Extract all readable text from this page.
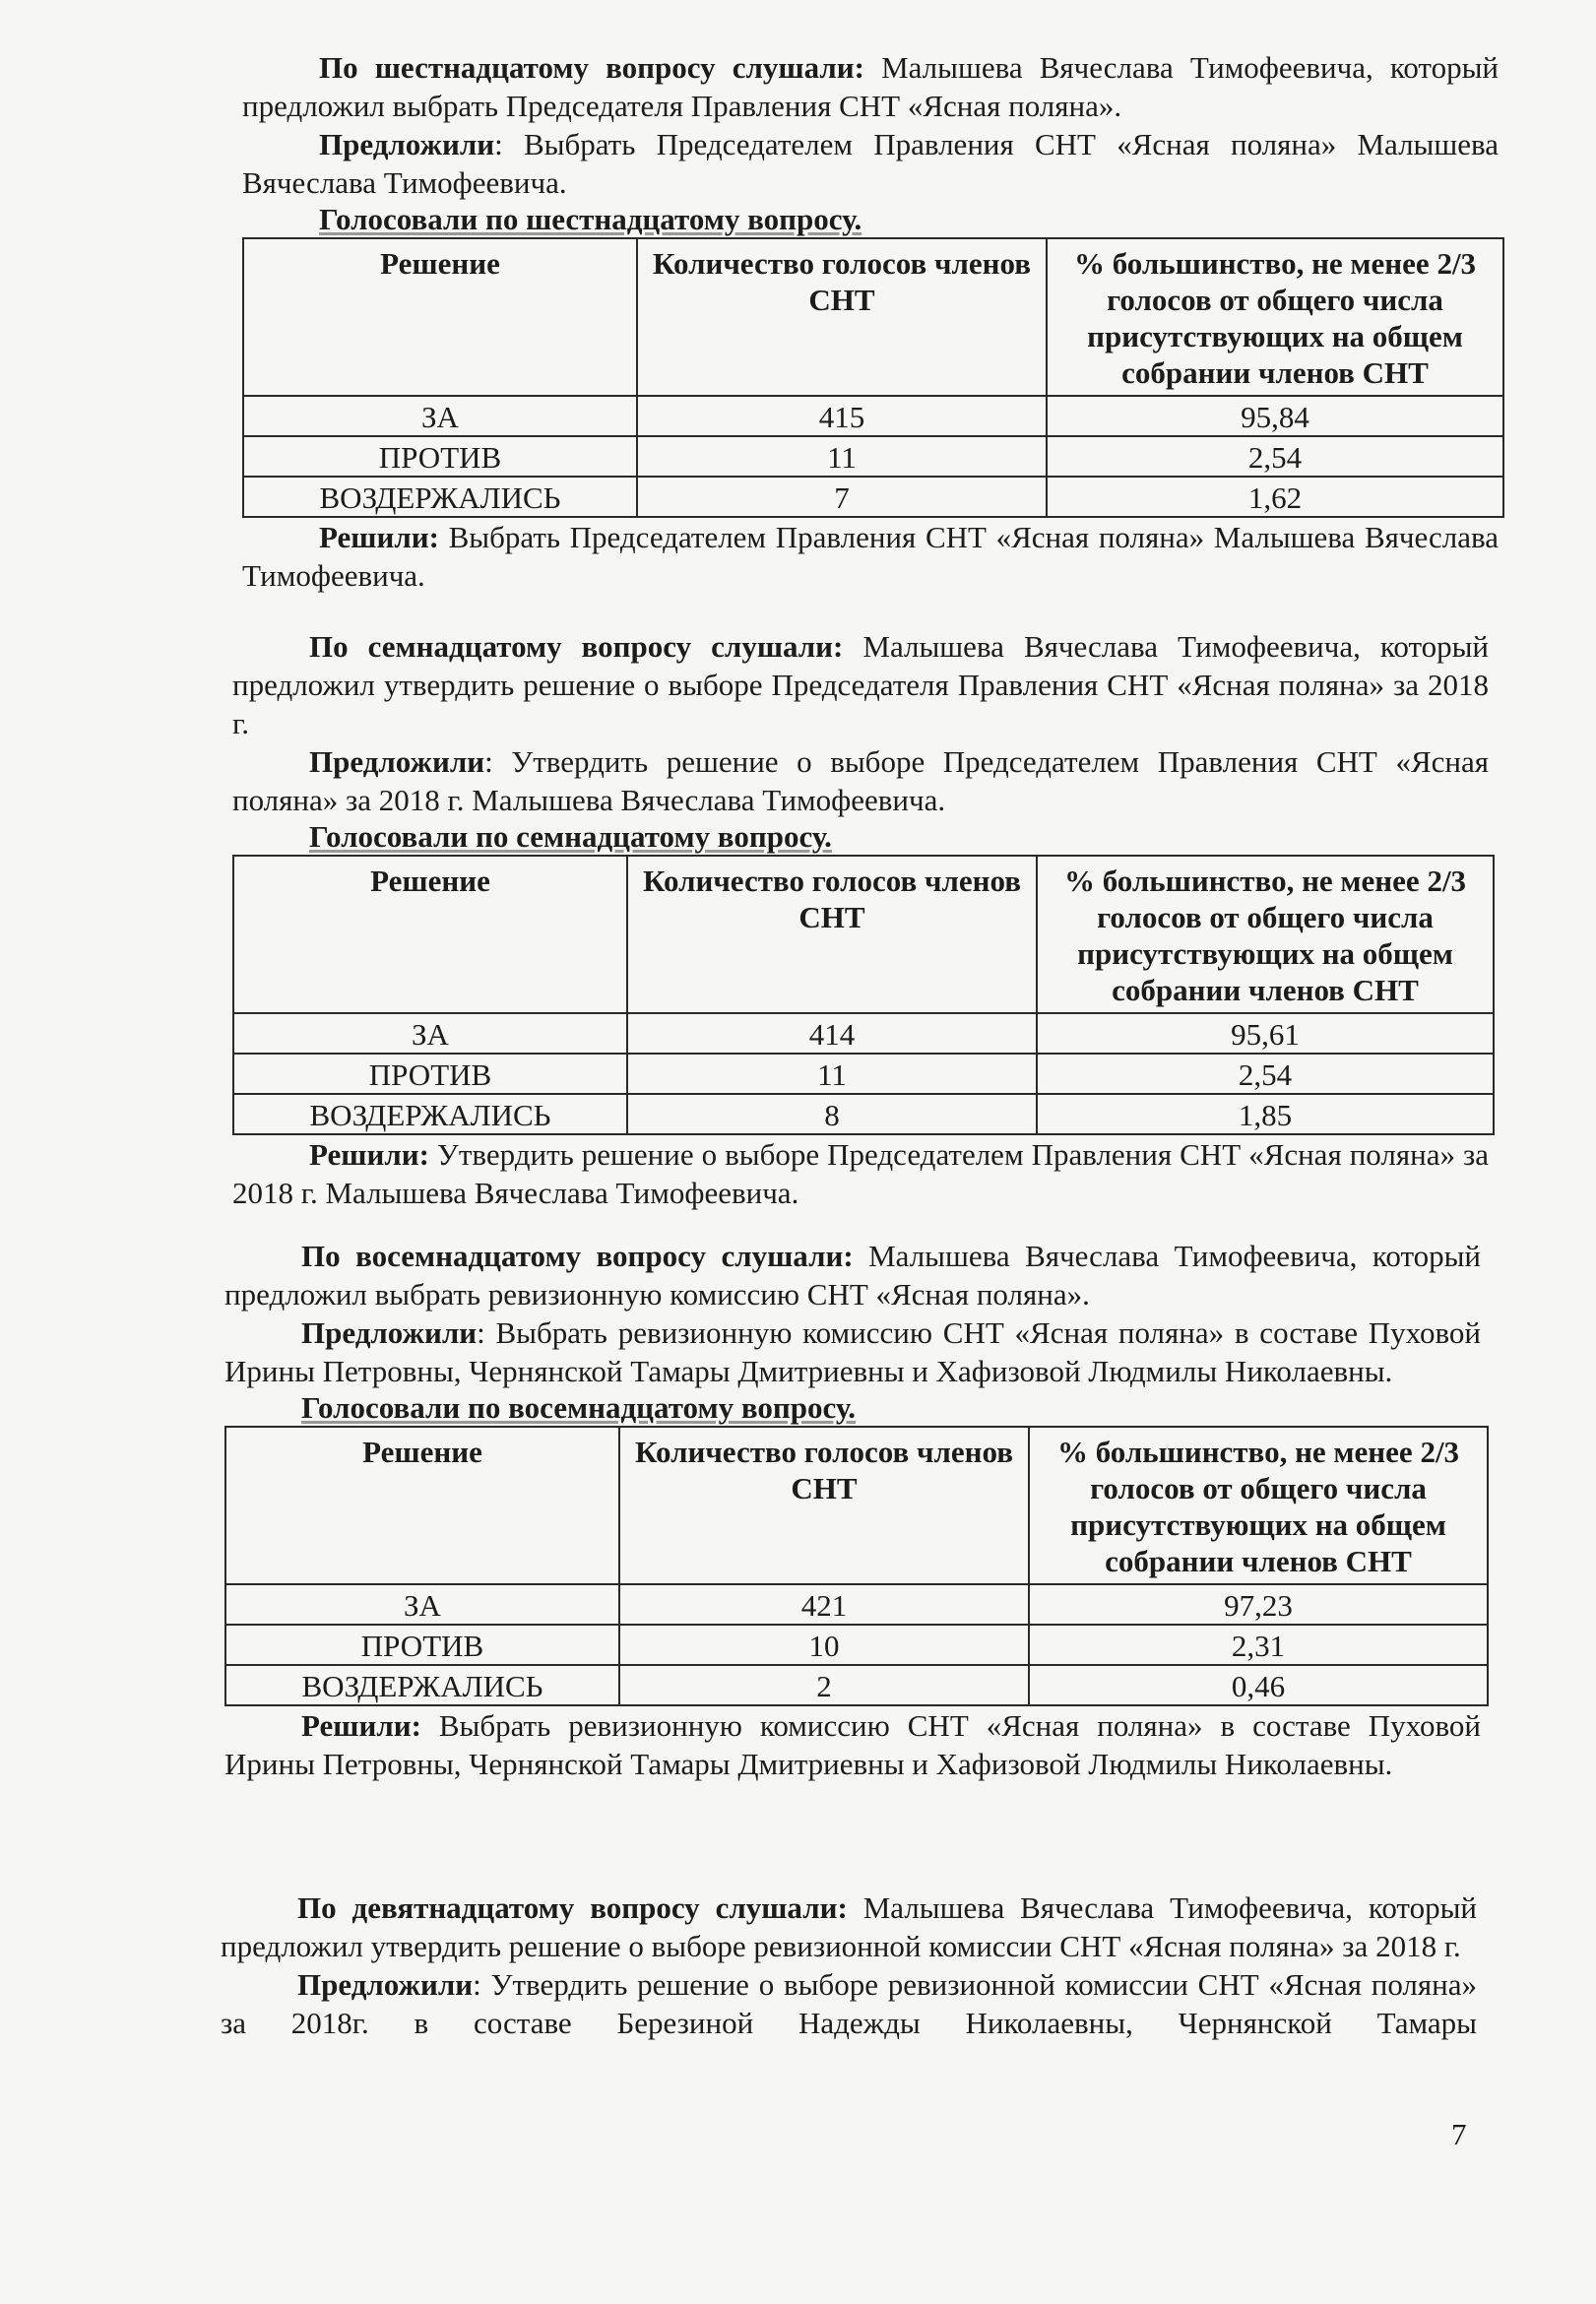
По шестнадцатому вопросу слушали: Малышева Вячеслава Тимофеевича, который предложил выбрать Председателя Правления СНТ «Ясная поляна».

Предложили: Выбрать Председателем Правления СНТ «Ясная поляна» Малышева Вячеслава Тимофеевича.

Голосовали по шестнадцатому вопросу.

Решение	Количество голосов членов СНТ	% большинство, не менее 2/3 голосов от общего числа присутствующих на общем собрании членов СНТ
ЗА	415	95,84
ПРОТИВ	11	2,54
ВОЗДЕРЖАЛИСЬ	7	1,62

Решили: Выбрать Председателем Правления СНТ «Ясная поляна» Малышева Вячеслава Тимофеевича.

По семнадцатому вопросу слушали: Малышева Вячеслава Тимофеевича, который предложил утвердить решение о выборе Председателя Правления СНТ «Ясная поляна» за 2018 г.

Предложили: Утвердить решение о выборе Председателем Правления СНТ «Ясная поляна» за 2018 г. Малышева Вячеслава Тимофеевича.

Голосовали по семнадцатому вопросу.

Решение	Количество голосов членов СНТ	% большинство, не менее 2/3 голосов от общего числа присутствующих на общем собрании членов СНТ
ЗА	414	95,61
ПРОТИВ	11	2,54
ВОЗДЕРЖАЛИСЬ	8	1,85

Решили: Утвердить решение о выборе Председателем Правления СНТ «Ясная поляна» за 2018 г. Малышева Вячеслава Тимофеевича.

По восемнадцатому вопросу слушали: Малышева Вячеслава Тимофеевича, который предложил выбрать ревизионную комиссию СНТ «Ясная поляна».

Предложили: Выбрать ревизионную комиссию СНТ «Ясная поляна» в составе Пуховой Ирины Петровны, Чернянской Тамары Дмитриевны и Хафизовой Людмилы Николаевны.

Голосовали по восемнадцатому вопросу.

Решение	Количество голосов членов СНТ	% большинство, не менее 2/3 голосов от общего числа присутствующих на общем собрании членов СНТ
ЗА	421	97,23
ПРОТИВ	10	2,31
ВОЗДЕРЖАЛИСЬ	2	0,46

Решили: Выбрать ревизионную комиссию СНТ «Ясная поляна» в составе Пуховой Ирины Петровны, Чернянской Тамары Дмитриевны и Хафизовой Людмилы Николаевны.

По девятнадцатому вопросу слушали: Малышева Вячеслава Тимофеевича, который предложил утвердить решение о выборе ревизионной комиссии СНТ «Ясная поляна» за 2018 г.

Предложили: Утвердить решение о выборе ревизионной комиссии СНТ «Ясная поляна» за 2018г. в составе Березиной Надежды Николаевны, Чернянской Тамары

7
